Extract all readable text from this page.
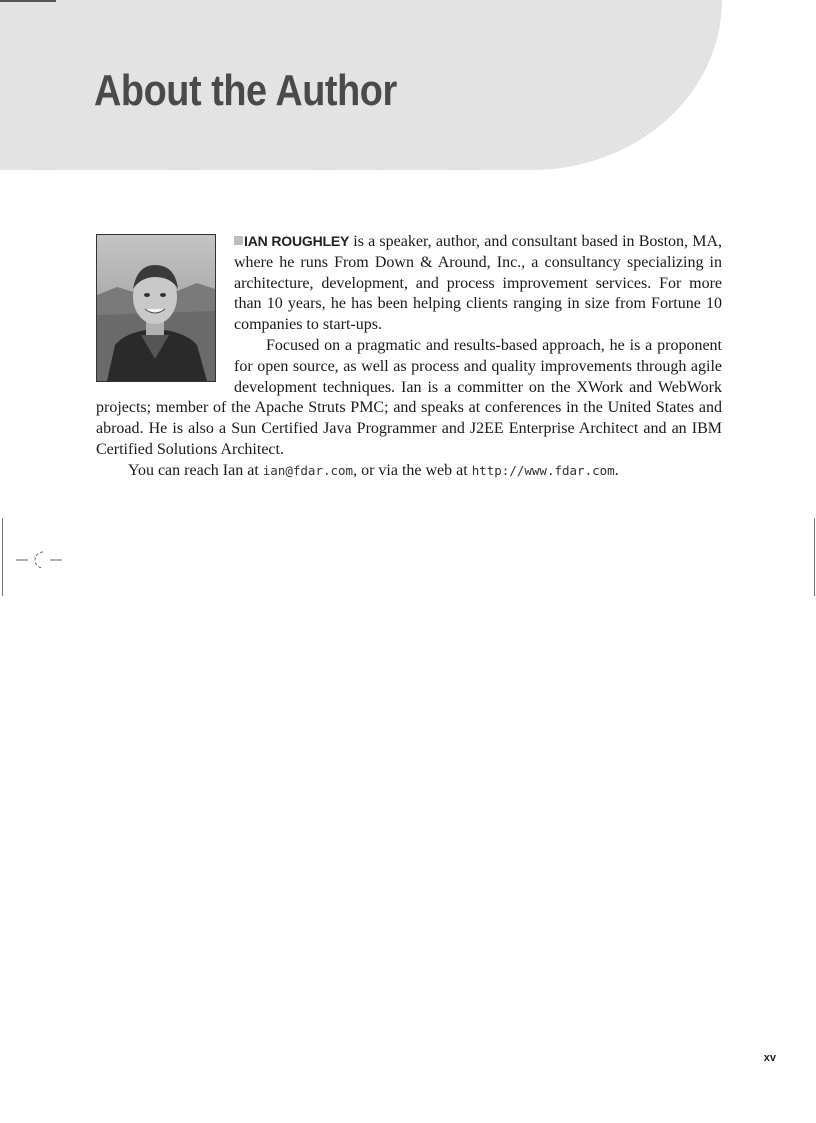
About the Author

IAN ROUGHLEY is a speaker, author, and consultant based in Boston, MA, where he runs From Down & Around, Inc., a consultancy specializing in architecture, development, and process improvement services. For more than 10 years, he has been helping clients ranging in size from Fortune 10 companies to start-ups.

Focused on a pragmatic and results-based approach, he is a proponent for open source, as well as process and quality improvements through agile development techniques. Ian is a committer on the XWork and WebWork projects; member of the Apache Struts PMC; and speaks at conferences in the United States and abroad. He is also a Sun Certified Java Programmer and J2EE Enterprise Architect and an IBM Certified Solutions Architect.

You can reach Ian at ian@fdar.com, or via the web at http://www.fdar.com.

xv
